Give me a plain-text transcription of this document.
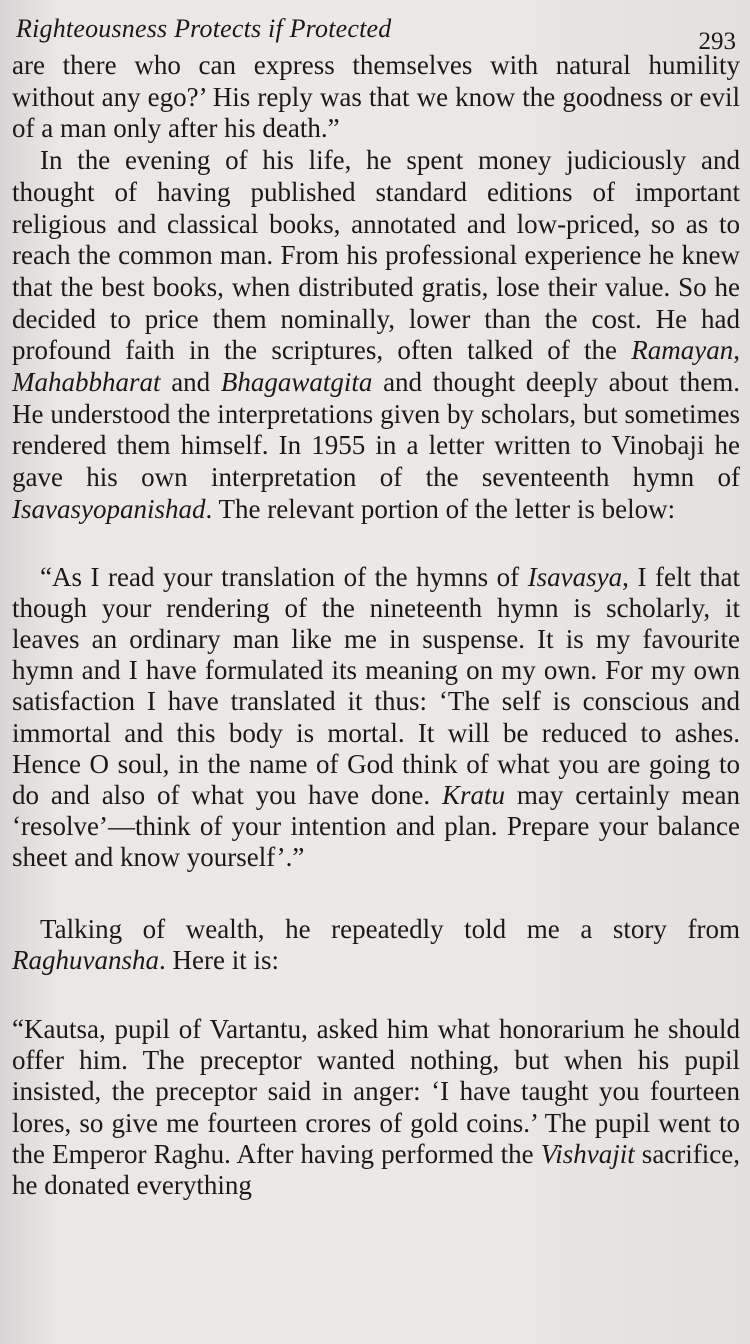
Righteousness Protects if Protected	293

are there who can express themselves with natural humility without any ego?’ His reply was that we know the goodness or evil of a man only after his death.”

In the evening of his life, he spent money judiciously and thought of having published standard editions of important religious and classical books, annotated and low-priced, so as to reach the common man. From his professional experience he knew that the best books, when distributed gratis, lose their value. So he decided to price them nominally, lower than the cost. He had profound faith in the scriptures, often talked of the Ramayan, Mahabbharat and Bhagawatgita and thought deeply about them. He understood the interpretations given by scholars, but sometimes rendered them himself. In 1955 in a letter written to Vinobaji he gave his own interpretation of the seventeenth hymn of Isavasyopanishad. The relevant portion of the letter is below:

“As I read your translation of the hymns of Isavasya, I felt that though your rendering of the nineteenth hymn is scholarly, it leaves an ordinary man like me in suspense. It is my favourite hymn and I have formulated its meaning on my own. For my own satisfaction I have translated it thus: ‘The self is conscious and immortal and this body is mortal. It will be reduced to ashes. Hence O soul, in the name of God think of what you are going to do and also of what you have done. Kratu may certainly mean ‘resolve’—think of your intention and plan. Prepare your balance sheet and know yourself’.”

Talking of wealth, he repeatedly told me a story from Raghuvansha. Here it is:

“Kautsa, pupil of Vartantu, asked him what honorarium he should offer him. The preceptor wanted nothing, but when his pupil insisted, the preceptor said in anger: ‘I have taught you fourteen lores, so give me fourteen crores of gold coins.’ The pupil went to the Emperor Raghu. After having performed the Vishvajit sacrifice, he donated everything
